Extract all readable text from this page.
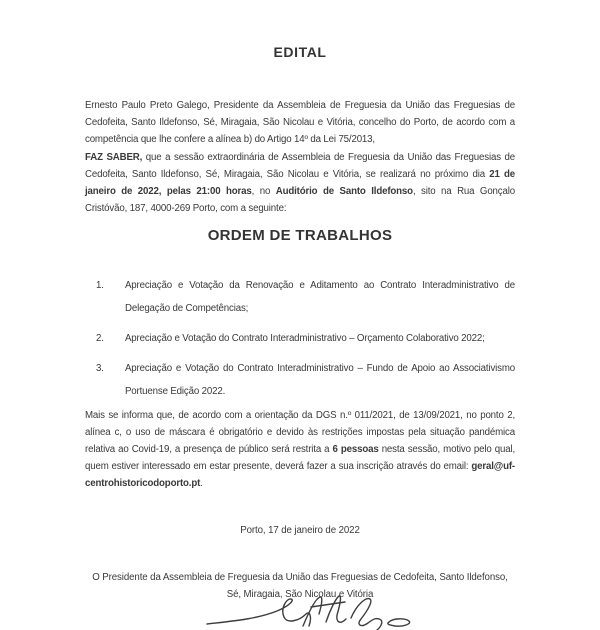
EDITAL

Ernesto Paulo Preto Galego, Presidente da Assembleia de Freguesia da União das Freguesias de Cedofeita, Santo Ildefonso, Sé, Miragaia, São Nicolau e Vitória, concelho do Porto, de acordo com a competência que lhe confere a alínea b) do Artigo 14º da Lei 75/2013,

FAZ SABER, que a sessão extraordinária de Assembleia de Freguesia da União das Freguesias de Cedofeita, Santo Ildefonso, Sé, Miragaia, São Nicolau e Vitória, se realizará no próximo dia 21 de janeiro de 2022, pelas 21:00 horas, no Auditório de Santo Ildefonso, sito na Rua Gonçalo Cristóvão, 187, 4000-269 Porto, com a seguinte:

ORDEM DE TRABALHOS
1. Apreciação e Votação da Renovação e Aditamento ao Contrato Interadministrativo de Delegação de Competências;
2. Apreciação e Votação do Contrato Interadministrativo – Orçamento Colaborativo 2022;
3. Apreciação e Votação do Contrato Interadministrativo – Fundo de Apoio ao Associativismo Portuense Edição 2022.

Mais se informa que, de acordo com a orientação da DGS n.º 011/2021, de 13/09/2021, no ponto 2, alínea c, o uso de máscara é obrigatório e devido às restrições impostas pela situação pandémica relativa ao Covid-19, a presença de público será restrita a 6 pessoas nesta sessão, motivo pelo qual, quem estiver interessado em estar presente, deverá fazer a sua inscrição através do email: geral@uf-centrohistoricodoporto.pt.

Porto, 17 de janeiro de 2022
O Presidente da Assembleia de Freguesia da União das Freguesias de Cedofeita, Santo Ildefonso, Sé, Miragaia, São Nicolau e Vitória
